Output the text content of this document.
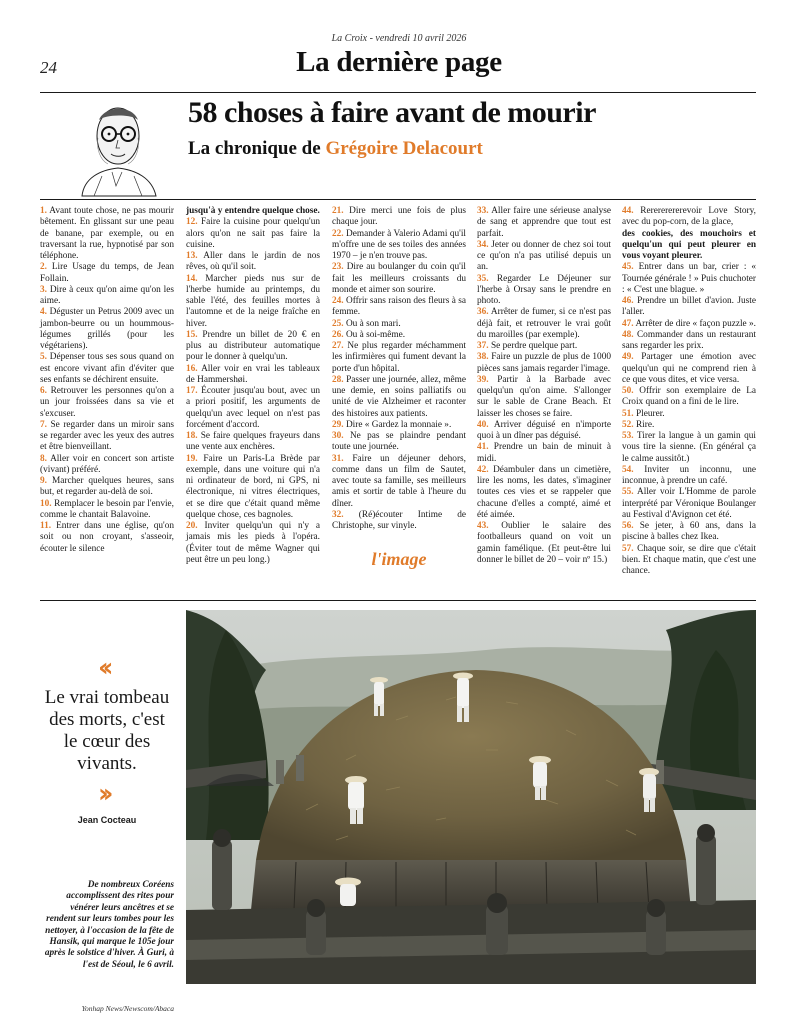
La Croix - vendredi 10 avril 2026
24	La dernière page
58 choses à faire avant de mourir
La chronique de Grégoire Delacourt

1. Avant toute chose, ne pas mourir bêtement. En glissant sur une peau de banane, par exemple, ou en traversant la rue, hypnotisé par son téléphone.

2. Lire Usage du temps, de Jean Follain.

3. Dire à ceux qu'on aime qu'on les aime.

4. Déguster un Petrus 2009 avec un jambon-beurre ou un hoummous-légumes grillés (pour les végétariens).

5. Dépenser tous ses sous quand on est encore vivant afin d'éviter que ses enfants se déchirent ensuite.

6. Retrouver les personnes qu'on a un jour froissées dans sa vie et s'excuser.

7. Se regarder dans un miroir sans se regarder avec les yeux des autres et être bienveillant.

8. Aller voir en concert son artiste (vivant) préféré.

9. Marcher quelques heures, sans but, et regarder au-delà de soi.

10. Remplacer le besoin par l'envie, comme le chantait Balavoine.

11. Entrer dans une église, qu'on soit ou non croyant, s'asseoir, écouter le silence

jusqu'à y entendre quelque chose.

12. Faire la cuisine pour quelqu'un alors qu'on ne sait pas faire la cuisine.

13. Aller dans le jardin de nos rêves, où qu'il soit.

14. Marcher pieds nus sur de l'herbe humide au printemps, du sable l'été, des feuilles mortes à l'automne et de la neige fraîche en hiver.

15. Prendre un billet de 20 € en plus au distributeur automatique pour le donner à quelqu'un.

16. Aller voir en vrai les tableaux de Hammershøi.

17. Écouter jusqu'au bout, avec un a priori positif, les arguments de quelqu'un avec lequel on n'est pas forcément d'accord.

18. Se faire quelques frayeurs dans une vente aux enchères.

19. Faire un Paris-La Brède par exemple, dans une voiture qui n'a ni ordinateur de bord, ni GPS, ni électronique, ni vitres électriques, et se dire que c'était quand même quelque chose, ces bagnoles.

20. Inviter quelqu'un qui n'y a jamais mis les pieds à l'opéra. (Éviter tout de même Wagner qui peut être un peu long.)

21. Dire merci une fois de plus chaque jour.

22. Demander à Valerio Adami qu'il m'offre une de ses toiles des années 1970 – je n'en trouve pas.

23. Dire au boulanger du coin qu'il fait les meilleurs croissants du monde et aimer son sourire.

24. Offrir sans raison des fleurs à sa femme.

25. Ou à son mari.

26. Ou à soi-même.

27. Ne plus regarder méchamment les infirmières qui fument devant la porte d'un hôpital.

28. Passer une journée, allez, même une demie, en soins palliatifs ou unité de vie Alzheimer et raconter des histoires aux patients.

29. Dire « Gardez la monnaie ».

30. Ne pas se plaindre pendant toute une journée.

31. Faire un déjeuner dehors, comme dans un film de Sautet, avec toute sa famille, ses meilleurs amis et sortir de table à l'heure du dîner.

32. (Ré)écouter Intime de Christophe, sur vinyle.

33. Aller faire une sérieuse analyse de sang et apprendre que tout est parfait.

34. Jeter ou donner de chez soi tout ce qu'on n'a pas utilisé depuis un an.

35. Regarder Le Déjeuner sur l'herbe à Orsay sans le prendre en photo.

36. Arrêter de fumer, si ce n'est pas déjà fait, et retrouver le vrai goût du maroilles (par exemple).

37. Se perdre quelque part.

38. Faire un puzzle de plus de 1000 pièces sans jamais regarder l'image.

39. Partir à la Barbade avec quelqu'un qu'on aime. S'allonger sur le sable de Crane Beach. Et laisser les choses se faire.

40. Arriver déguisé en n'importe quoi à un dîner pas déguisé.

41. Prendre un bain de minuit à midi.

42. Déambuler dans un cimetière, lire les noms, les dates, s'imaginer toutes ces vies et se rappeler que chacune d'elles a compté, aimé et été aimée.

43. Oublier le salaire des footballeurs quand on voit un gamin famélique. (Et peut-être lui donner le billet de 20 – voir nº 15.)

44. Rerererererevoir Love Story, avec du pop-corn, de la glace,

des cookies, des mouchoirs et quelqu'un qui peut pleurer en vous voyant pleurer.

45. Entrer dans un bar, crier : « Tournée générale ! » Puis chuchoter : « C'est une blague. »

46. Prendre un billet d'avion. Juste l'aller.

47. Arrêter de dire « façon puzzle ».

48. Commander dans un restaurant sans regarder les prix.

49. Partager une émotion avec quelqu'un qui ne comprend rien à ce que vous dites, et vice versa.

50. Offrir son exemplaire de La Croix quand on a fini de le lire.

51. Pleurer.

52. Rire.

53. Tirer la langue à un gamin qui vous tire la sienne. (En général ça le calme aussitôt.)

54. Inviter un inconnu, une inconnue, à prendre un café.

55. Aller voir L'Homme de parole interprété par Véronique Boulanger au Festival d'Avignon cet été.

56. Se jeter, à 60 ans, dans la piscine à balles chez Ikea.

57. Chaque soir, se dire que c'était bien. Et chaque matin, que c'est une chance.

l'image
‹‹
Le vrai tombeau des morts, c'est le cœur des vivants.
››
Jean Cocteau
De nombreux Coréens accomplissent des rites pour vénérer leurs ancêtres et se rendent sur leurs tombes pour les nettoyer, à l'occasion de la fête de Hansik, qui marque le 105e jour après le solstice d'hiver. À Guri, à l'est de Séoul, le 6 avril.
Yonhap News/Newscom/Abaca
